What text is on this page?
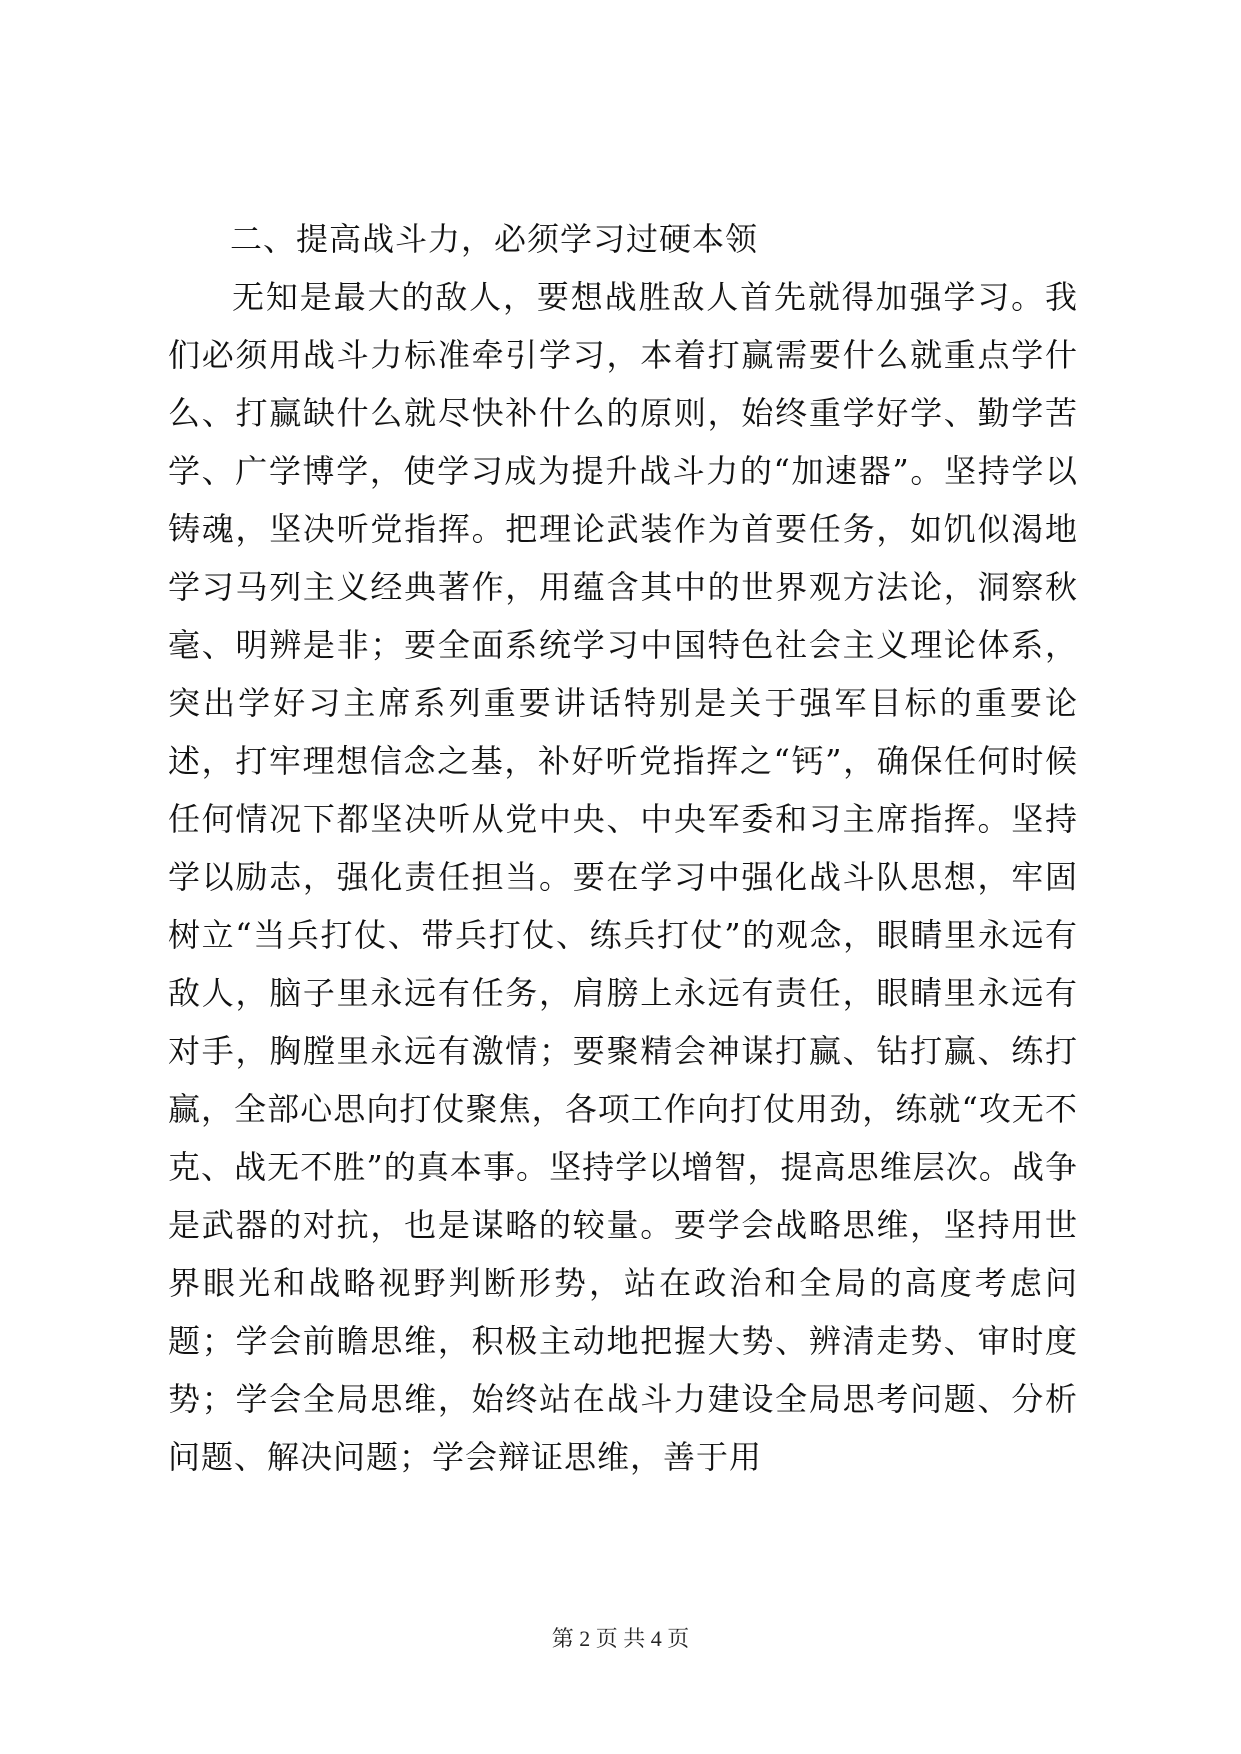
二、提高战斗力，必须学习过硬本领

无知是最大的敌人，要想战胜敌人首先就得加强学习。我们必须用战斗力标准牵引学习，本着打赢需要什么就重点学什么、打赢缺什么就尽快补什么的原则，始终重学好学、勤学苦学、广学博学，使学习成为提升战斗力的“加速器”。坚持学以铸魂，坚决听党指挥。把理论武装作为首要任务，如饥似渴地学习马列主义经典著作，用蕴含其中的世界观方法论，洞察秋毫、明辨是非；要全面系统学习中国特色社会主义理论体系，突出学好习主席系列重要讲话特别是关于强军目标的重要论述，打牢理想信念之基，补好听党指挥之“钙”，确保任何时候任何情况下都坚决听从党中央、中央军委和习主席指挥。坚持学以励志，强化责任担当。要在学习中强化战斗队思想，牢固树立“当兵打仗、带兵打仗、练兵打仗”的观念，眼睛里永远有敌人，脑子里永远有任务，肩膀上永远有责任，眼睛里永远有对手，胸膛里永远有激情；要聚精会神谋打赢、钻打赢、练打赢，全部心思向打仗聚焦，各项工作向打仗用劲，练就“攻无不克、战无不胜”的真本事。坚持学以增智，提高思维层次。战争是武器的对抗，也是谋略的较量。要学会战略思维，坚持用世界眼光和战略视野判断形势，站在政治和全局的高度考虑问题；学会前瞻思维，积极主动地把握大势、辨清走势、审时度势；学会全局思维，始终站在战斗力建设全局思考问题、分析问题、解决问题；学会辩证思维，善于用

第 2 页 共 4 页
